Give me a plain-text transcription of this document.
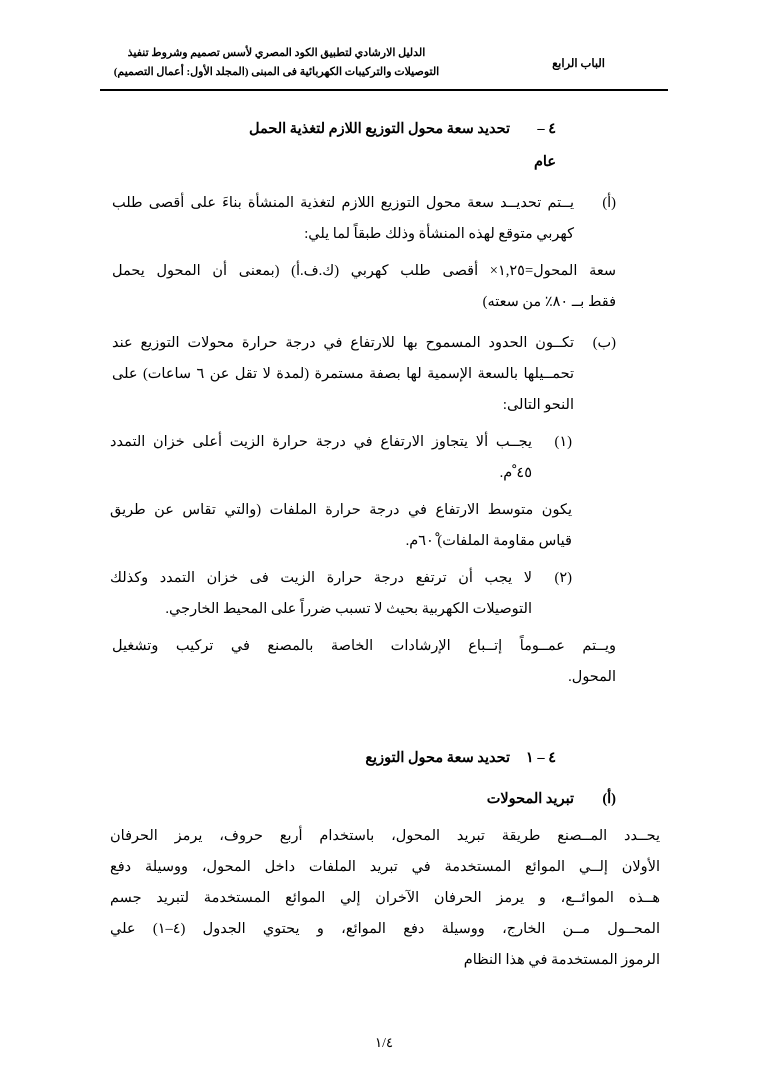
الدليل الارشادي لتطبيق الكود المصري لأسس تصميم وشروط تنفيذ
التوصيلات والتركيبات الكهربائية فى المبنى (المجلد الأول: أعمال التصميم)
الباب الرابع
٤ –
تحديد سعة محول التوزيع اللازم لتغذية الحمل
عام
(أ)
يــتم تحديــد سعة محول التوزيع اللازم لتغذية المنشأة بناءَ على أقصى طلب
كهربي متوقع لهذه المنشأة وذلك طبقاً لما يلي:
سعة المحول=١,٢٥× أقصى طلب كهربي (ك.ف.أ) (بمعنى أن المحول يحمل
فقط بــ ٨٠٪ من سعته)
(ب)
تكــون الحدود المسموح بها للارتفاع في درجة حرارة محولات التوزيع عند
تحمــيلها بالسعة الإسمية لها بصفة مستمرة (لمدة لا تقل عن ٦ ساعات) على
النحو التالى:
(١)
يجــب ألا يتجاوز الارتفاع في درجة حرارة الزيت أعلى خزان التمدد
٤٥ ْم.
يكون متوسط الارتفاع في درجة حرارة الملفات (والتي تقاس عن طريق
قياس مقاومة الملفات) ٦٠ْم.
(٢)
لا يجب أن ترتفع درجة حرارة الزيت فى خزان التمدد وكذلك
التوصيلات الكهربية بحيث لا تسبب ضرراً على المحيط الخارجي.
ويــتم عمــوماً إتــباع الإرشادات الخاصة بالمصنع في تركيب وتشغيل
المحول.
٤ – ١
تحديد سعة محول التوزيع
(أ)
تبريد المحولات
يحــدد المــصنع طريقة تبريد المحول، باستخدام أربع حروف، يرمز الحرفان
الأولان إلــي الموائع المستخدمة في تبريد الملفات داخل المحول، ووسيلة دفع
هــذه الموائــع، و يرمز الحرفان الآخران إلي الموائع المستخدمة لتبريد جسم
المحــول مــن الخارج، ووسيلة دفع الموائع، و يحتوي الجدول (٤–١) علي
الرموز المستخدمة في هذا النظام
١/٤
